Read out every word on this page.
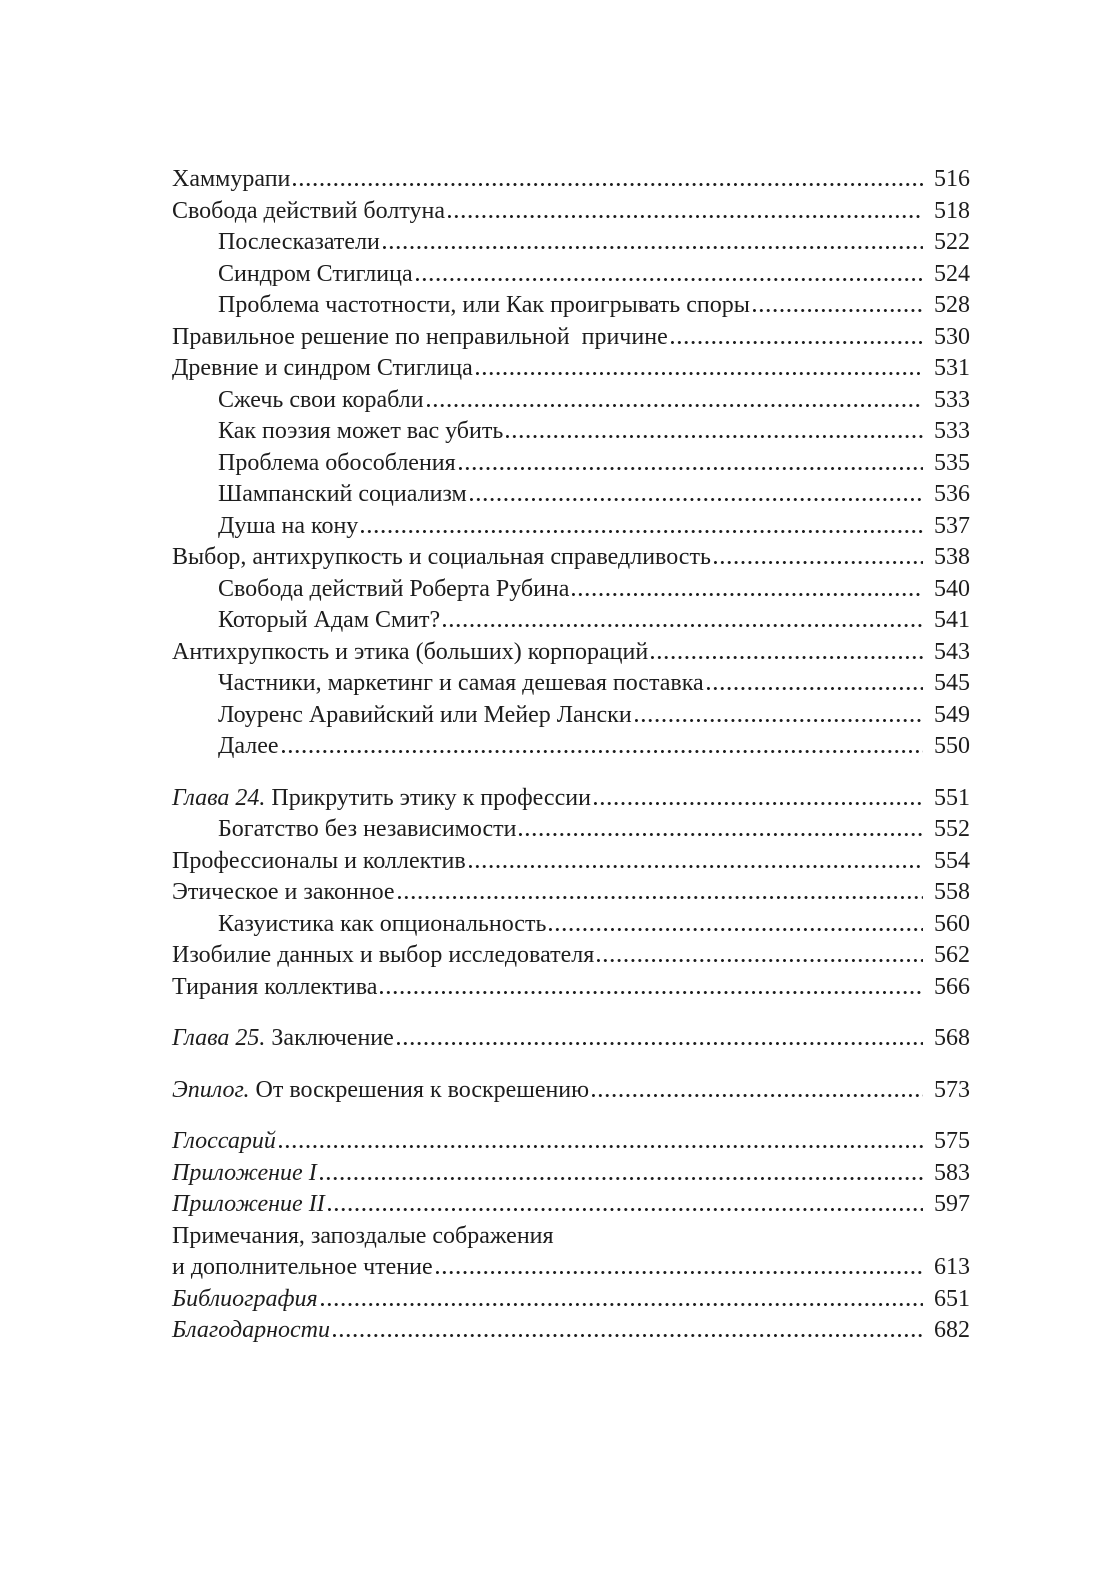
Хаммурапи	516
Свобода действий болтуна	518
Послесказатели	522
Синдром Стиглица	524
Проблема частотности, или Как проигрывать споры	528
Правильное решение по неправильной  причине	530
Древние и синдром Стиглица	531
Сжечь свои корабли	533
Как поэзия может вас убить	533
Проблема обособления	535
Шампанский социализм	536
Душа на кону	537
Выбор, антихрупкость и социальная справедливость	538
Свобода действий Роберта Рубина	540
Который Адам Смит?	541
Антихрупкость и этика (больших) корпораций	543
Частники, маркетинг и самая дешевая поставка	545
Лоуренс Аравийский или Мейер Лански	549
Далее	550
Глава 24. Прикрутить этику к профессии	551
Богатство без независимости	552
Профессионалы и коллектив	554
Этическое и законное	558
Казуистика как опциональность	560
Изобилие данных и выбор исследователя	562
Тирания коллектива	566
Глава 25. Заключение	568
Эпилог. От воскрешения к воскрешению	573
Глоссарий	575
Приложение I	583
Приложение II	597
Примечания, запоздалые сображения
и дополнительное чтение	613
Библиография	651
Благодарности	682
